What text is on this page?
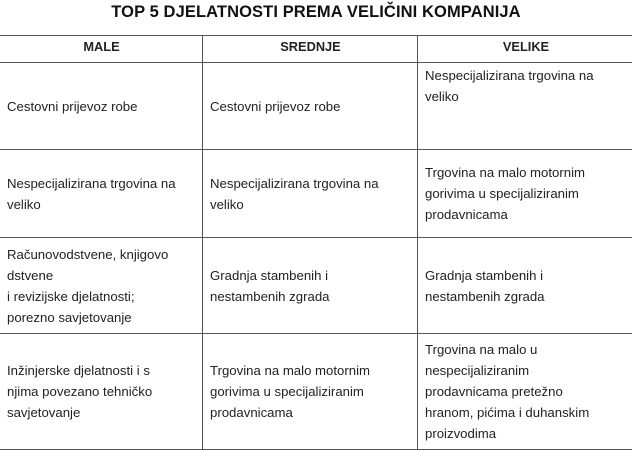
TOP 5 DJELATNOSTI PREMA VELIČINI KOMPANIJA
MALE	SREDNJE	VELIKE

Cestovni prijevoz robe	Cestovni prijevoz robe	Nespecijalizirana trgovina na
veliko

Nespecijalizirana trgovina na
veliko	Nespecijalizirana trgovina na
veliko	Trgovina na malo motornim
gorivima u specijaliziranim
prodavnicama

Računovodstvene, knjigovo
dstvene
i revizijske djelatnosti;
porezno savjetovanje	Gradnja stambenih i
nestambenih zgrada	Gradnja stambenih i
nestambenih zgrada

Inžinjerske djelatnosti i s
njima povezano tehničko
savjetovanje	Trgovina na malo motornim
gorivima u specijaliziranim
prodavnicama	Trgovina na malo u
nespecijaliziranim
prodavnicama pretežno
hranom, pićima i duhanskim
proizvodima
